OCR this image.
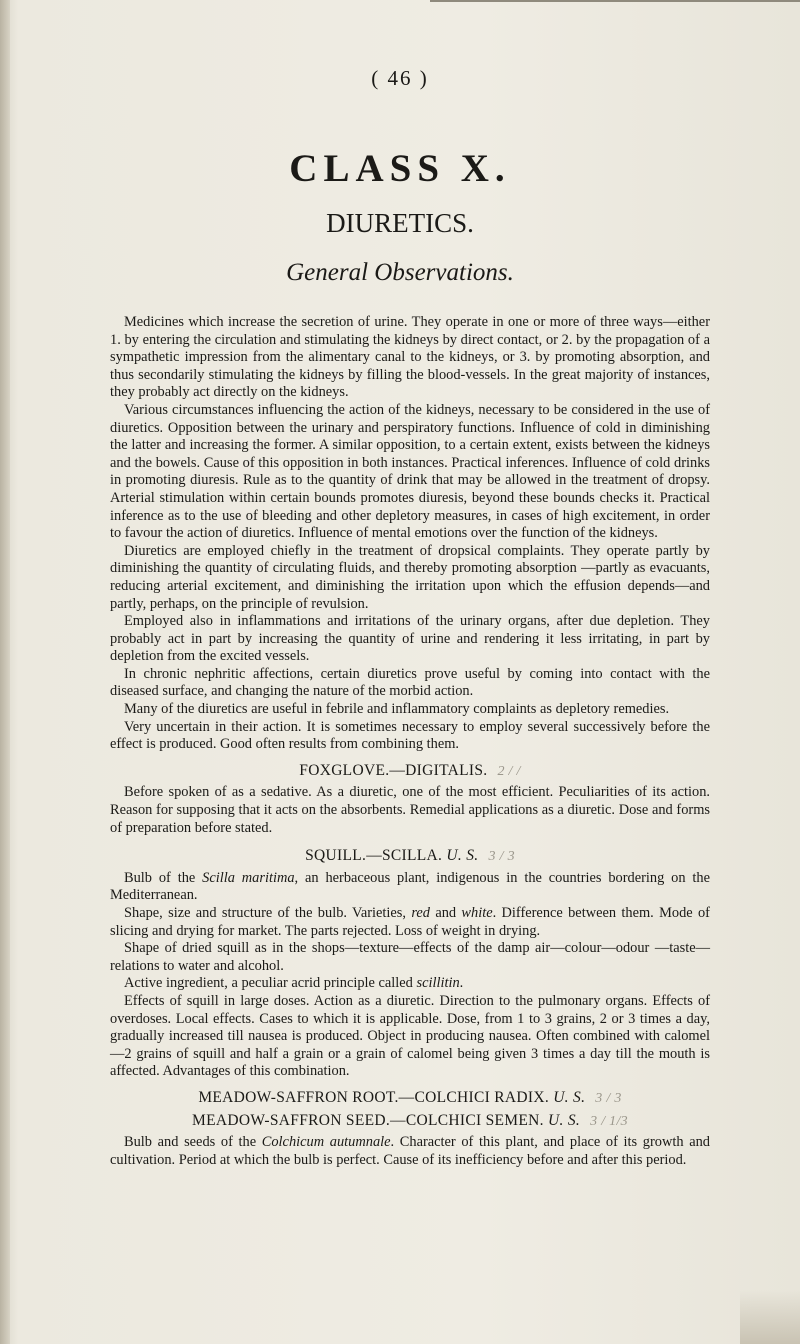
( 46 )
CLASS X.
DIURETICS.
General Observations.

Medicines which increase the secretion of urine. They operate in one or more of three ways—either 1. by entering the circulation and stimulating the kidneys by direct contact, or 2. by the propagation of a sympathetic impression from the alimentary canal to the kidneys, or 3. by promoting absorption, and thus secondarily stimulating the kidneys by filling the blood-vessels. In the great majority of instances, they probably act directly on the kidneys.

Various circumstances influencing the action of the kidneys, necessary to be considered in the use of diuretics. Opposition between the urinary and perspiratory functions. Influence of cold in diminishing the latter and increasing the former. A similar opposition, to a certain extent, exists between the kidneys and the bowels. Cause of this opposition in both instances. Practical inferences. Influence of cold drinks in promoting diuresis. Rule as to the quantity of drink that may be allowed in the treatment of dropsy. Arterial stimulation within certain bounds promotes diuresis, beyond these bounds checks it. Practical inference as to the use of bleeding and other depletory measures, in cases of high excitement, in order to favour the action of diuretics. Influence of mental emotions over the function of the kidneys.

Diuretics are employed chiefly in the treatment of dropsical complaints. They operate partly by diminishing the quantity of circulating fluids, and thereby promoting absorption —partly as evacuants, reducing arterial excitement, and diminishing the irritation upon which the effusion depends—and partly, perhaps, on the principle of revulsion.

Employed also in inflammations and irritations of the urinary organs, after due depletion. They probably act in part by increasing the quantity of urine and rendering it less irritating, in part by depletion from the excited vessels.

In chronic nephritic affections, certain diuretics prove useful by coming into contact with the diseased surface, and changing the nature of the morbid action.

Many of the diuretics are useful in febrile and inflammatory complaints as depletory remedies.

Very uncertain in their action. It is sometimes necessary to employ several successively before the effect is produced. Good often results from combining them.

FOXGLOVE.—DIGITALIS. 2 / /

Before spoken of as a sedative. As a diuretic, one of the most efficient. Peculiarities of its action. Reason for supposing that it acts on the absorbents. Remedial applications as a diuretic. Dose and forms of preparation before stated.

SQUILL.—SCILLA. U. S. 3 / 3

Bulb of the Scilla maritima, an herbaceous plant, indigenous in the countries bordering on the Mediterranean.

Shape, size and structure of the bulb. Varieties, red and white. Difference between them. Mode of slicing and drying for market. The parts rejected. Loss of weight in drying.

Shape of dried squill as in the shops—texture—effects of the damp air—colour—odour —taste—relations to water and alcohol.

Active ingredient, a peculiar acrid principle called scillitin.

Effects of squill in large doses. Action as a diuretic. Direction to the pulmonary organs. Effects of overdoses. Local effects. Cases to which it is applicable. Dose, from 1 to 3 grains, 2 or 3 times a day, gradually increased till nausea is produced. Object in producing nausea. Often combined with calomel—2 grains of squill and half a grain or a grain of calomel being given 3 times a day till the mouth is affected. Advantages of this combination.

MEADOW-SAFFRON ROOT.—COLCHICI RADIX. U. S. 3 / 3
MEADOW-SAFFRON SEED.—COLCHICI SEMEN. U. S. 3 / 1/3

Bulb and seeds of the Colchicum autumnale. Character of this plant, and place of its growth and cultivation. Period at which the bulb is perfect. Cause of its inefficiency before and after this period.
